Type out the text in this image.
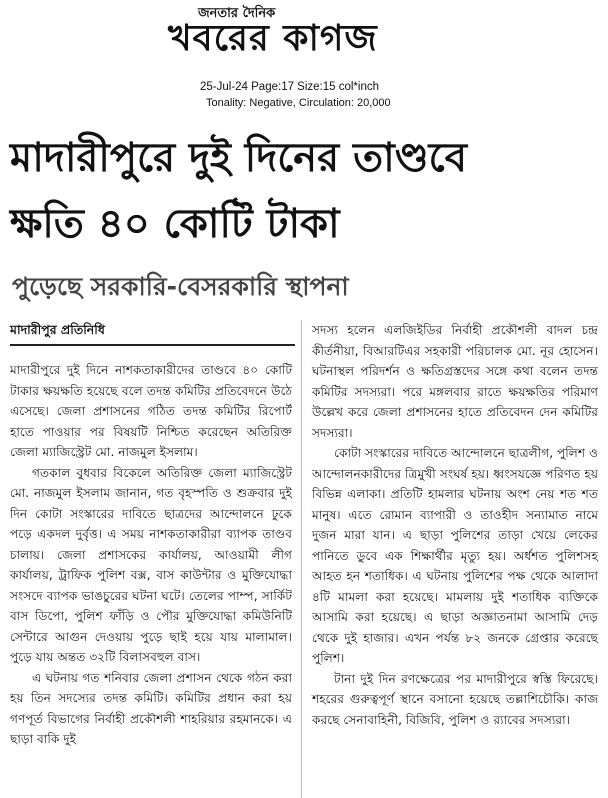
জনতার দৈনিক
খবরের কাগজ
25-Jul-24 Page:17 Size:15 col*inch
Tonality: Negative, Circulation: 20,000
মাদারীপুরে দুই দিনের তাণ্ডবে
ক্ষতি ৪০ কোটি টাকা
পুড়েছে সরকারি-বেসরকারি স্থাপনা
মাদারীপুর প্রতিনিধি

মাদারীপুরে দুই দিনে নাশকতাকারীদের তাণ্ডবে ৪০ কোটি টাকার ক্ষয়ক্ষতি হয়েছে বলে তদন্ত কমিটির প্রতিবেদনে উঠে এসেছে। জেলা প্রশাসনের গঠিত তদন্ত কমিটির রিপোর্ট হাতে পাওয়ার পর বিষয়টি নিশ্চিত করেছেন অতিরিক্ত জেলা ম্যাজিস্ট্রেট মো. নাজমুল ইসলাম।

গতকাল বুধবার বিকেলে অতিরিক্ত জেলা ম্যাজিস্ট্রেট মো. নাজমুল ইসলাম জানান, গত বৃহস্পতি ও শুক্রবার দুই দিন কোটা সংস্কারের দাবিতে ছাত্রদের আন্দোলনে ঢুকে পড়ে একদল দুর্বৃত্ত। এ সময় নাশকতাকারীরা ব্যাপক তাণ্ডব চালায়। জেলা প্রশাসকের কার্যালয়, আওয়ামী লীগ কার্যালয়, ট্রাফিক পুলিশ বক্স, বাস কাউন্টার ও মুক্তিযোদ্ধা সংসদে ব্যাপক ভাঙচুরের ঘটনা ঘটে। তেলের পাম্প, সার্কিট বাস ডিপো, পুলিশ ফাঁড়ি ও পৌর মুক্তিযোদ্ধা কমিউনিটি সেন্টারে আগুন দেওয়ায় পুড়ে ছাই হয়ে যায় মালামাল। পুড়ে যায় অন্তত ৩২টি বিলাসবহুল বাস।

এ ঘটনায় গত শনিবার জেলা প্রশাসন থেকে গঠন করা হয় তিন সদস্যের তদন্ত কমিটি। কমিটির প্রধান করা হয় গণপূর্ত বিভাগের নির্বাহী প্রকৌশলী শাহরিয়ার রহমানকে। এ ছাড়া বাকি দুই

সদস্য হলেন এলজিইডির নির্বাহী প্রকৌশলী বাদল চন্দ্র কীর্তনীয়া, বিআরটিএর সহকারী পরিচালক মো. নূর হোসেন। ঘটনাস্থল পরিদর্শন ও ক্ষতিগ্রস্তদের সঙ্গে কথা বলেন তদন্ত কমিটির সদস্যরা। পরে মঙ্গলবার রাতে ক্ষয়ক্ষতির পরিমাণ উল্লেখ করে জেলা প্রশাসনের হাতে প্রতিবেদন দেন কমিটির সদস্যরা।

কোটা সংস্কারের দাবিতে আন্দোলনে ছাত্রলীগ, পুলিশ ও আন্দোলনকারীদের ত্রিমুখী সংঘর্ষ হয়। ধ্বংসযজ্ঞে পরিণত হয় বিভিন্ন এলাকা। প্রতিটি হামলার ঘটনায় অংশ নেয় শত শত মানুষ। এতে রোমান ব্যাপারী ও তাওহীদ সন্যামাত নামে দুজন মারা যান। এ ছাড়া পুলিশের তাড়া খেয়ে লেকের পানিতে ডুবে এক শিক্ষার্থীর মৃত্যু হয়। অর্ধশত পুলিশসহ আহত হন শতাধিক। এ ঘটনায় পুলিশের পক্ষ থেকে আলাদা ৪টি মামলা করা হয়েছে। মামলায় দুই শতাধিক ব্যক্তিকে আসামি করা হয়েছে। এ ছাড়া অজ্ঞাতনামা আসামি দেড় থেকে দুই হাজার। এখন পর্যন্ত ৮২ জনকে গ্রেপ্তার করেছে পুলিশ।

টানা দুই দিন রণক্ষেত্রের পর মাদারীপুরে স্বস্তি ফিরেছে। শহরের গুরুত্বপূর্ণ স্থানে বসানো হয়েছে তল্লাশিচৌকি। কাজ করছে সেনাবাহিনী, বিজিবি, পুলিশ ও র‍্যাবের সদস্যরা।
